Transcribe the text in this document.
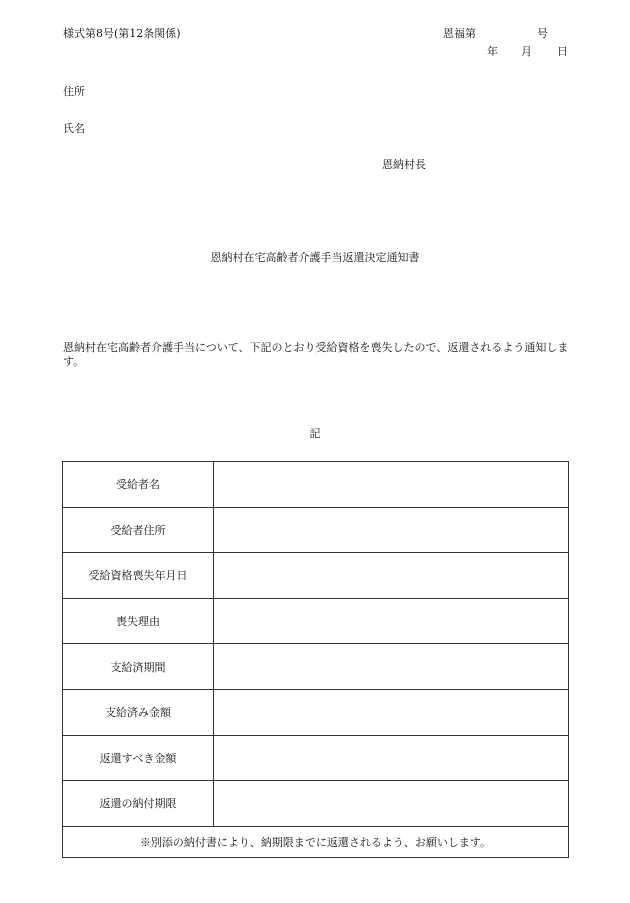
様式第8号(第12条関係)	恩福第	号
年 月 日
住所
氏名
恩納村長
恩納村在宅高齢者介護手当返還決定通知書
恩納村在宅高齢者介護手当について、下記のとおり受給資格を喪失したので、返還されるよう通知します。
記
受給者名	
受給者住所	
受給資格喪失年月日	
喪失理由	
支給済期間	
支給済み金額	
返還すべき金額	
返還の納付期限	
※別添の納付書により、納期限までに返還されるよう、お願いします。	
